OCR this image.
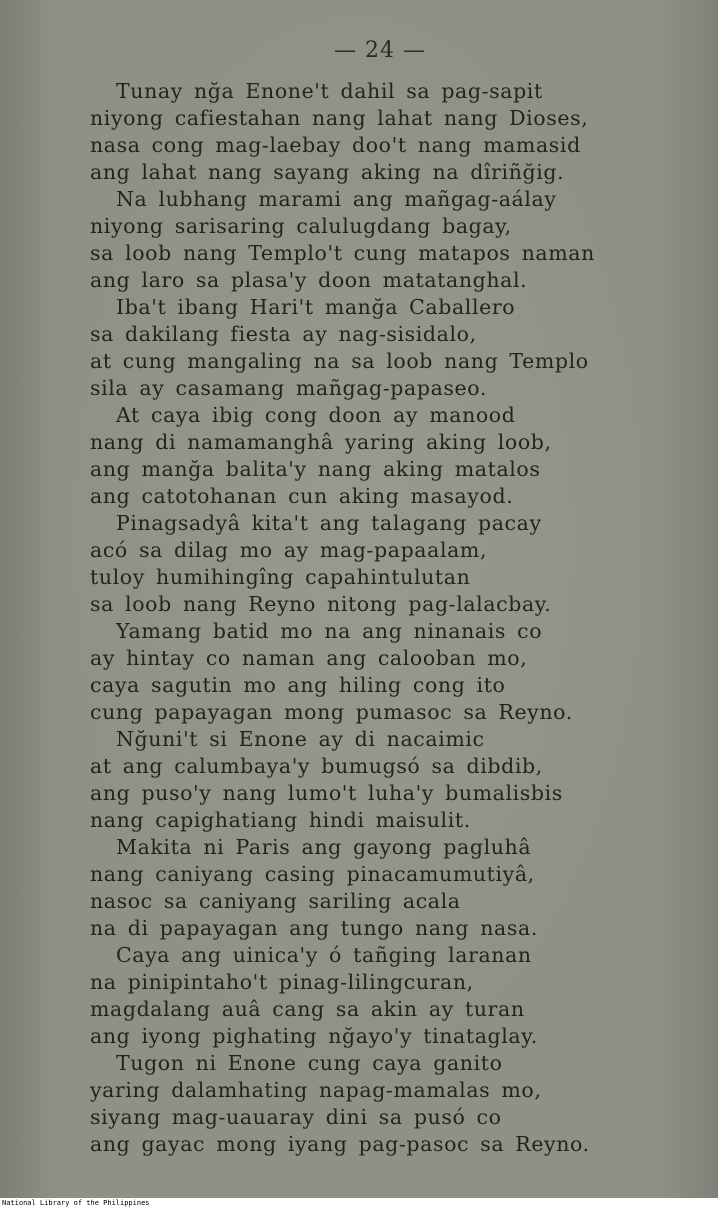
— 24 —
Tunay nğa Enone't dahil sa pag-sapit
niyong cafiestahan nang lahat nang Dioses,
nasa cong mag-laebay doo't nang mamasid
ang lahat nang sayang aking na dîriñğig.
Na lubhang marami ang mañgag-aálay
niyong sarisaring calulugdang bagay,
sa loob nang Templo't cung matapos naman
ang laro sa plasa'y doon matatanghal.
Iba't ibang Hari't manğa Caballero
sa dakilang fiesta ay nag-sisidalo,
at cung mangaling na sa loob nang Templo
sila ay casamang mañgag-papaseo.
At caya ibig cong doon ay manood
nang di namamanghâ yaring aking loob,
ang manğa balita'y nang aking matalos
ang catotohanan cun aking masayod.
Pinagsadyâ kita't ang talagang pacay
acó sa dilag mo ay mag-papaalam,
tuloy humihingîng capahintulutan
sa loob nang Reyno nitong pag-lalacbay.
Yamang batid mo na ang ninanais co
ay hintay co naman ang calooban mo,
caya sagutin mo ang hiling cong ito
cung papayagan mong pumasoc sa Reyno.
Nğuni't si Enone ay di nacaimic
at ang calumbaya'y bumugsó sa dibdib,
ang puso'y nang lumo't luha'y bumalisbis
nang capighatiang hindi maisulit.
Makita ni Paris ang gayong pagluhâ
nang caniyang casing pinacamumutiyâ,
nasoc sa caniyang sariling acala
na di papayagan ang tungo nang nasa.
Caya ang uinica'y ó tañging laranan
na pinipintaho't pinag-lilingcuran,
magdalang auâ cang sa akin ay turan
ang iyong pighating nğayo'y tinataglay.
Tugon ni Enone cung caya ganito
yaring dalamhating napag-mamalas mo,
siyang mag-uauaray dini sa pusó co
ang gayac mong iyang pag-pasoc sa Reyno.
National Library of the Philippines
